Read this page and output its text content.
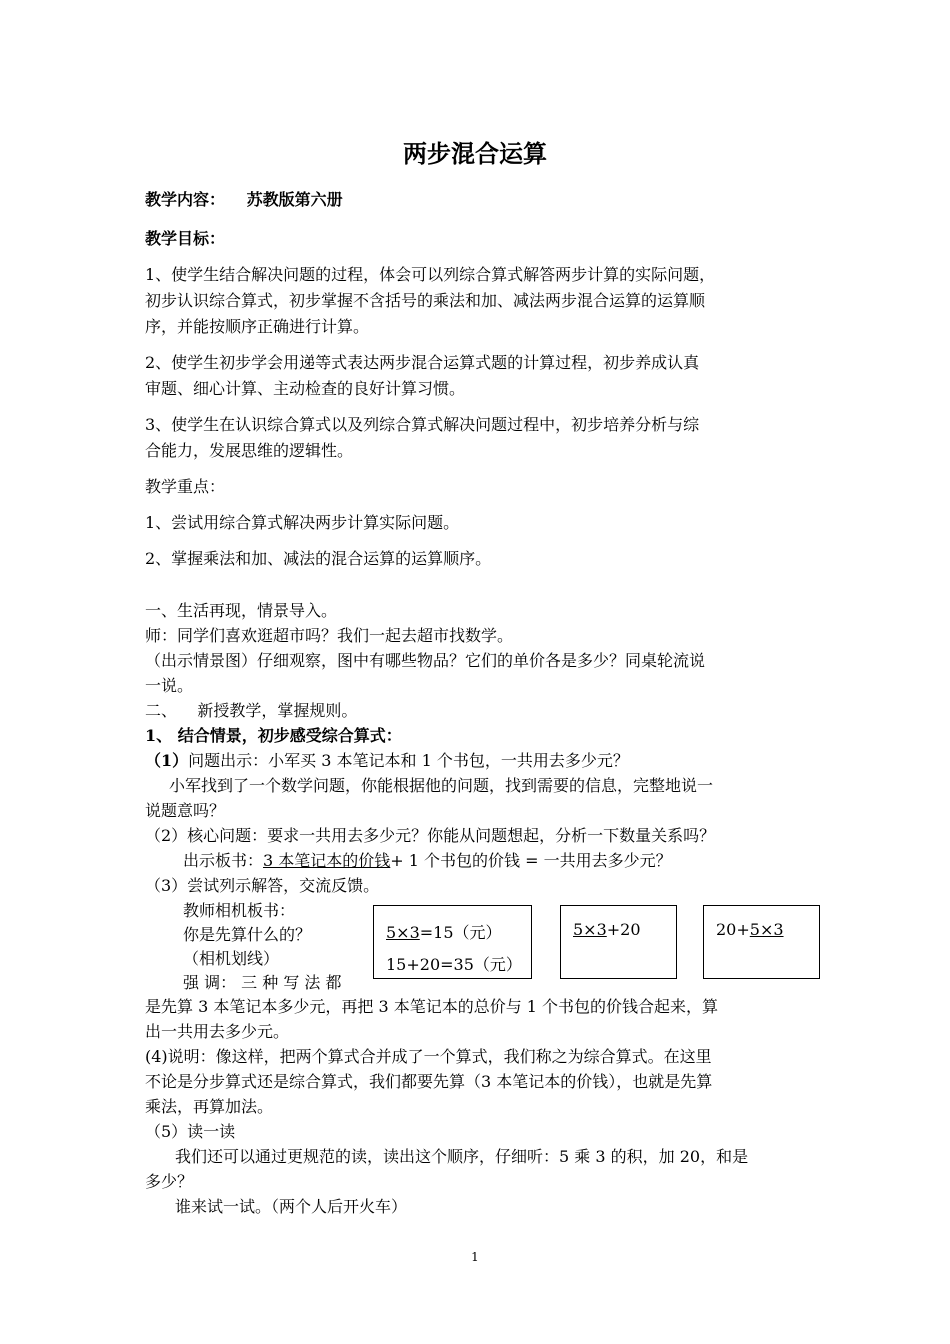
两步混合运算
教学内容： 苏教版第六册
教学目标：
1、使学生结合解决问题的过程，体会可以列综合算式解答两步计算的实际问题，
初步认识综合算式，初步掌握不含括号的乘法和加、减法两步混合运算的运算顺
序，并能按顺序正确进行计算。
2、使学生初步学会用递等式表达两步混合运算式题的计算过程，初步养成认真
审题、细心计算、主动检查的良好计算习惯。
3、使学生在认识综合算式以及列综合算式解决问题过程中，初步培养分析与综
合能力，发展思维的逻辑性。
教学重点：
1、尝试用综合算式解决两步计算实际问题。
2、掌握乘法和加、减法的混合运算的运算顺序。
一、生活再现，情景导入。
师：同学们喜欢逛超市吗？我们一起去超市找数学。
（出示情景图）仔细观察，图中有哪些物品？它们的单价各是多少？同桌轮流说
一说。
二、    新授教学，掌握规则。
1、 结合情景，初步感受综合算式：
（1）问题出示：小军买 3 本笔记本和 1 个书包，一共用去多少元？
小军找到了一个数学问题，你能根据他的问题，找到需要的信息，完整地说一
说题意吗？
（2）核心问题：要求一共用去多少元？你能从问题想起，分析一下数量关系吗？
出示板书：3 本笔记本的价钱+ 1 个书包的价钱 = 一共用去多少元？
（3）尝试列示解答，交流反馈。
教师相机板书：
你是先算什么的？
（相机划线）
强 调： 三 种 写 法 都
是先算 3 本笔记本多少元，再把 3 本笔记本的总价与 1 个书包的价钱合起来，算
出一共用去多少元。
5×3=15（元）
15+20=35（元）
5×3+20	20+5×3
(4)说明：像这样，把两个算式合并成了一个算式，我们称之为综合算式。在这里
不论是分步算式还是综合算式，我们都要先算（3 本笔记本的价钱），也就是先算
乘法，再算加法。
（5）读一读
我们还可以通过更规范的读，读出这个顺序，仔细听：5 乘 3 的积，加 20，和是
多少？
谁来试一试。（两个人后开火车）
1
